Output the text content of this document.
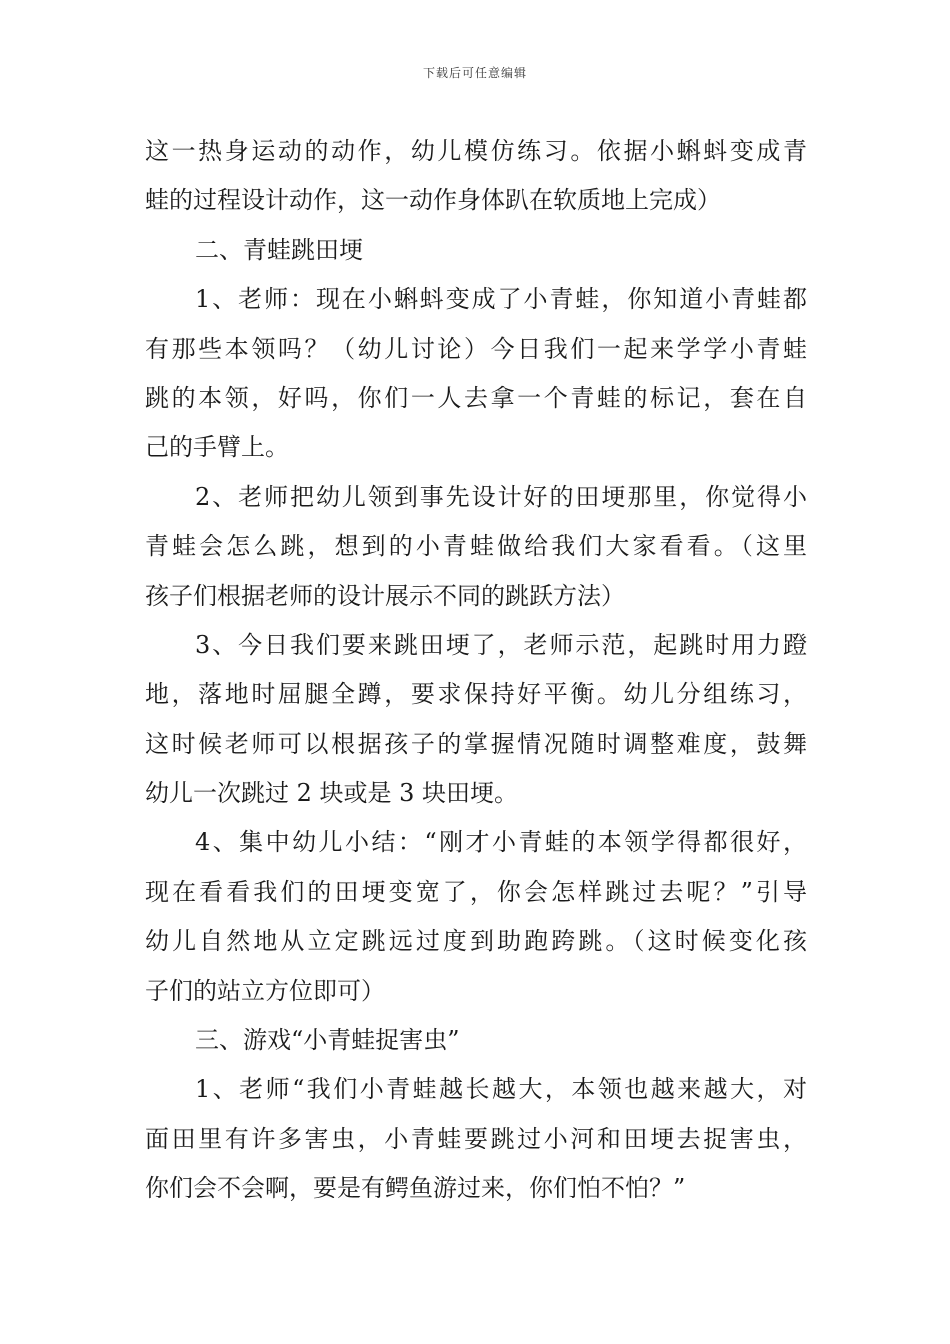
下载后可任意编辑
这一热身运动的动作，幼儿模仿练习。依据小蝌蚪变成青
蛙的过程设计动作，这一动作身体趴在软质地上完成）
二、青蛙跳田埂
1、老师：现在小蝌蚪变成了小青蛙，你知道小青蛙都
有那些本领吗？（幼儿讨论）今日我们一起来学学小青蛙
跳的本领，好吗，你们一人去拿一个青蛙的标记，套在自
己的手臂上。
2、老师把幼儿领到事先设计好的田埂那里，你觉得小
青蛙会怎么跳，想到的小青蛙做给我们大家看看。（这里
孩子们根据老师的设计展示不同的跳跃方法）
3、今日我们要来跳田埂了，老师示范，起跳时用力蹬
地，落地时屈腿全蹲，要求保持好平衡。幼儿分组练习，
这时候老师可以根据孩子的掌握情况随时调整难度，鼓舞
幼儿一次跳过 2 块或是 3 块田埂。
4、集中幼儿小结：“刚才小青蛙的本领学得都很好，
现在看看我们的田埂变宽了，你会怎样跳过去呢？”引导
幼儿自然地从立定跳远过度到助跑跨跳。（这时候变化孩
子们的站立方位即可）
三、游戏“小青蛙捉害虫”
1、老师“我们小青蛙越长越大，本领也越来越大，对
面田里有许多害虫，小青蛙要跳过小河和田埂去捉害虫，
你们会不会啊，要是有鳄鱼游过来，你们怕不怕？”
